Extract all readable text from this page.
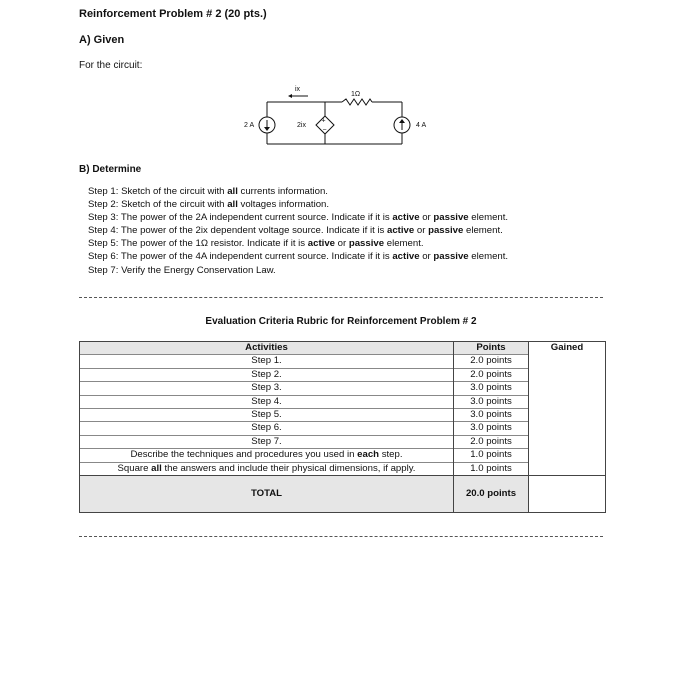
Reinforcement Problem # 2 (20 pts.)
A) Given
For the circuit:
+
−
ix
1Ω
2 A	2ix	4 A
B) Determine
Step 1: Sketch of the circuit with all currents information.
Step 2: Sketch of the circuit with all voltages information.
Step 3: The power of the 2A independent current source. Indicate if it is active or passive element.
Step 4: The power of the 2ix dependent voltage source. Indicate if it is active or passive element.
Step 5: The power of the 1Ω resistor. Indicate if it is active or passive element.
Step 6: The power of the 4A independent current source. Indicate if it is active or passive element.
Step 7: Verify the Energy Conservation Law.
Evaluation Criteria Rubric for Reinforcement Problem # 2
Activities	Points	Gained
Step 1.	2.0 points	
Step 2.	2.0 points	
Step 3.	3.0 points	
Step 4.	3.0 points	
Step 5.	3.0 points	
Step 6.	3.0 points	
Step 7.	2.0 points	
Describe the techniques and procedures you used in each step.	1.0 points	
Square all the answers and include their physical dimensions, if apply.	1.0 points	
TOTAL	20.0 points	
